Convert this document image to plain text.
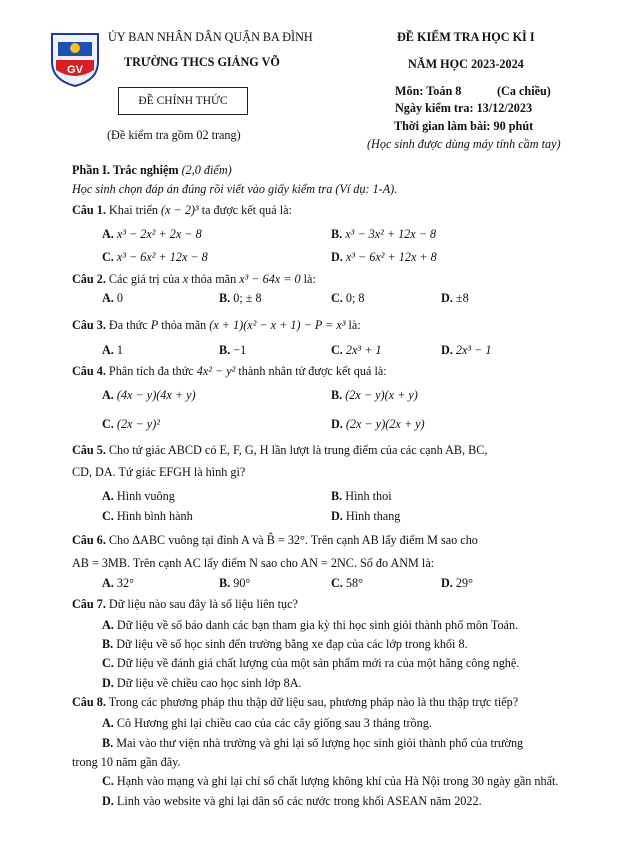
GV
ỦY BAN NHÂN DÂN QUẬN BA ĐÌNH
TRƯỜNG THCS GIẢNG VÕ
ĐỀ CHÍNH THỨC
(Đề kiểm tra gồm 02 trang)
ĐỀ KIỂM TRA HỌC KÌ I
NĂM HỌC 2023-2024
Môn: Toán 8	(Ca chiều)
Ngày kiểm tra: 13/12/2023
Thời gian làm bài: 90 phút
(Học sinh được dùng máy tính cầm tay)
Phần I. Trắc nghiệm (2,0 điểm)
Học sinh chọn đáp án đúng rồi viết vào giấy kiểm tra (Ví dụ: 1-A).
Câu 1. Khai triển (x − 2)³ ta được kết quả là:
A. x³ − 2x² + 2x − 8	B. x³ − 3x² + 12x − 8
C. x³ − 6x² + 12x − 8	D. x³ − 6x² + 12x + 8
Câu 2. Các giá trị của x thỏa mãn x³ − 64x = 0 là:
A. 0	B. 0; ± 8	C. 0; 8	D. ±8
Câu 3. Đa thức P thỏa mãn (x + 1)(x² − x + 1) − P = x³ là:
A. 1	B. −1	C. 2x³ + 1	D. 2x³ − 1
Câu 4. Phân tích đa thức 4x² − y² thành nhân tử được kết quả là:
A. (4x − y)(4x + y)	B. (2x − y)(x + y)
C. (2x − y)²	D. (2x − y)(2x + y)
Câu 5. Cho tứ giác ABCD có E, F, G, H lần lượt là trung điểm của các cạnh AB, BC,
CD, DA. Tứ giác EFGH là hình gì?
A. Hình vuông	B. Hình thoi
C. Hình bình hành	D. Hình thang
Câu 6. Cho ΔABC vuông tại đỉnh A và B̂ = 32°. Trên cạnh AB lấy điểm M sao cho
AB = 3MB. Trên cạnh AC lấy điểm N sao cho AN = 2NC. Số đo ANM là:
A. 32°	B. 90°	C. 58°	D. 29°
Câu 7. Dữ liệu nào sau đây là số liệu liên tục?
A. Dữ liệu về số báo danh các bạn tham gia kỳ thi học sinh giỏi thành phố môn Toán.
B. Dữ liệu về số học sinh đến trường bằng xe đạp của các lớp trong khối 8.
C. Dữ liệu về đánh giá chất lượng của một sản phẩm mới ra của một hãng công nghệ.
D. Dữ liệu về chiều cao học sinh lớp 8A.
Câu 8. Trong các phương pháp thu thập dữ liệu sau, phương pháp nào là thu thập trực tiếp?
A. Cô Hương ghi lại chiều cao của các cây giống sau 3 tháng trồng.
B. Mai vào thư viện nhà trường và ghi lại số lượng học sinh giỏi thành phố của trường
trong 10 năm gần đây.
C. Hạnh vào mạng và ghi lại chỉ số chất lượng không khí của Hà Nội trong 30 ngày gần nhất.
D. Linh vào website và ghi lại dân số các nước trong khối ASEAN năm 2022.
